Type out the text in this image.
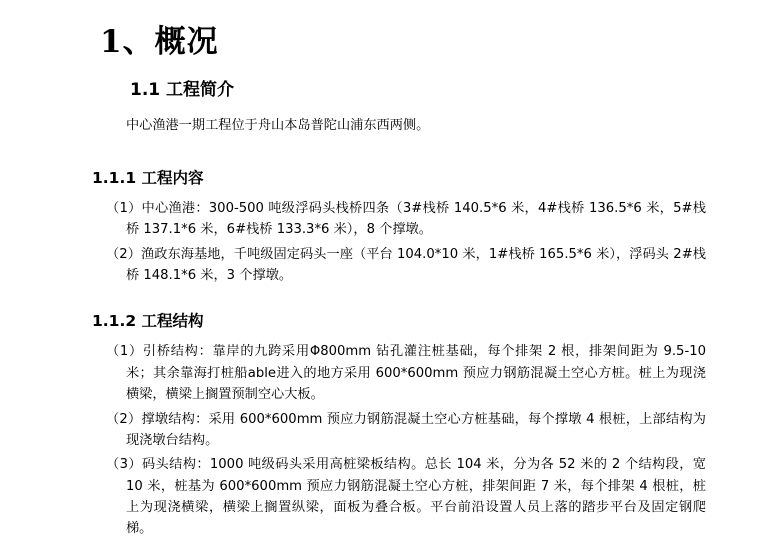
1、概况
1.1 工程简介

中心渔港一期工程位于舟山本岛普陀山浦东西两侧。

1.1.1 工程内容

（1）中心渔港：300-500 吨级浮码头栈桥四条（3#栈桥 140.5*6 米，4#栈桥 136.5*6 米，5#栈桥 137.1*6 米，6#栈桥 133.3*6 米），8 个撑墩。

（2）渔政东海基地，千吨级固定码头一座（平台 104.0*10 米，1#栈桥 165.5*6 米），浮码头 2#栈桥 148.1*6 米，3 个撑墩。

1.1.2 工程结构

（1）引桥结构：靠岸的九跨采用Φ800mm 钻孔灌注桩基础，每个排架 2 根，排架间距为 9.5-10 米；其余靠海打桩船able进入的地方采用 600*600mm 预应力钢筋混凝土空心方桩。桩上为现浇横梁，横梁上搁置预制空心大板。

（2）撑墩结构：采用 600*600mm 预应力钢筋混凝土空心方桩基础，每个撑墩 4 根桩，上部结构为现浇墩台结构。

（3）码头结构：1000 吨级码头采用高桩梁板结构。总长 104 米，分为各 52 米的 2 个结构段，宽 10 米，桩基为 600*600mm 预应力钢筋混凝土空心方桩，排架间距 7 米，每个排架 4 根桩，桩上为现浇横梁，横梁上搁置纵梁，面板为叠合板。平台前沿设置人员上落的踏步平台及固定钢爬梯。
